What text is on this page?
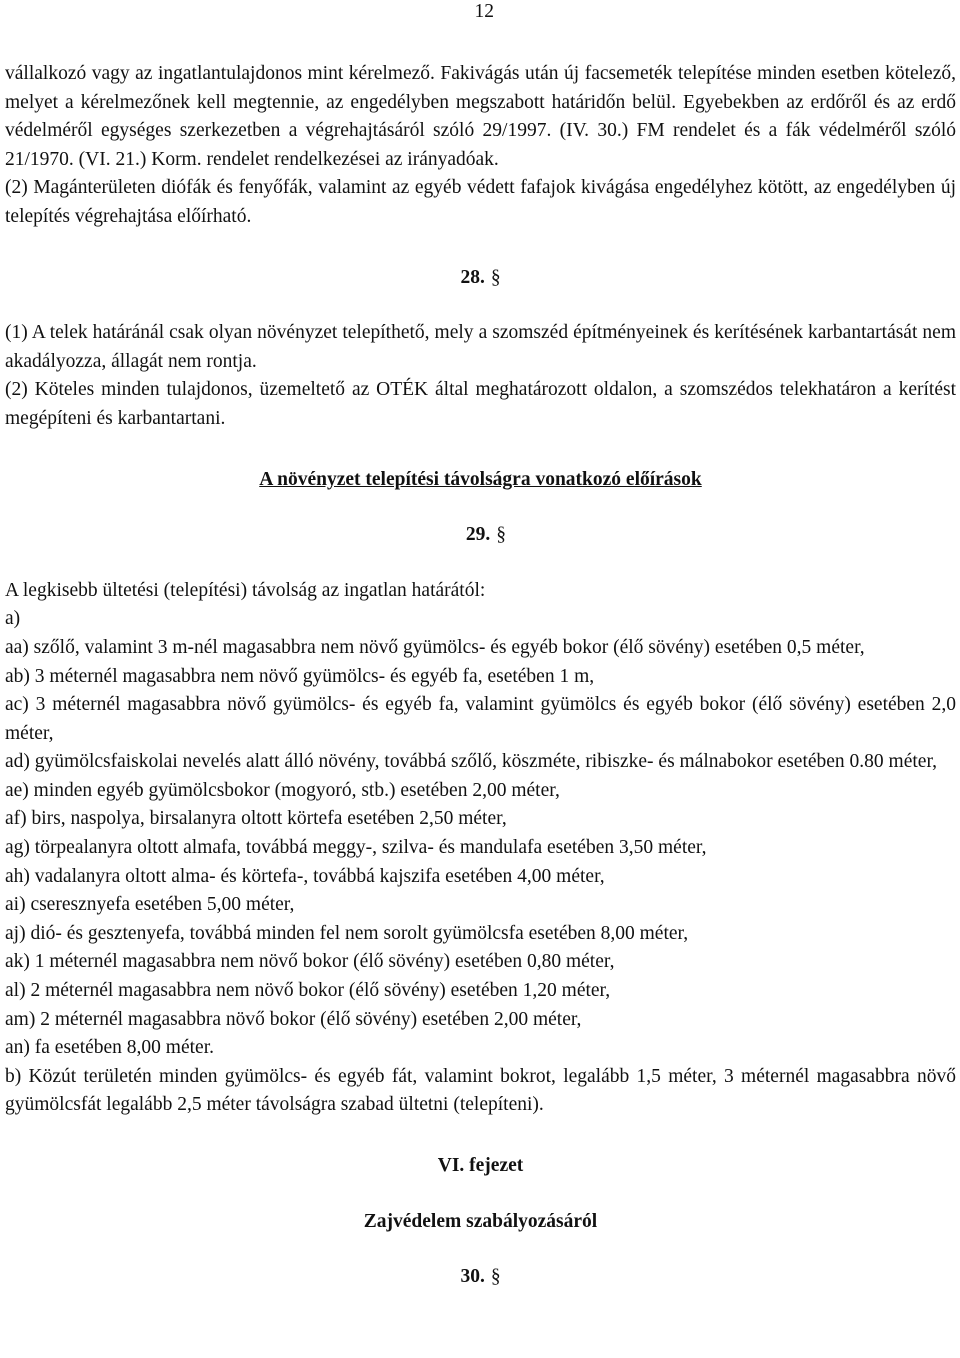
12

vállalkozó vagy az ingatlantulajdonos mint kérelmező. Fakivágás után új facsemeték telepítése minden esetben kötelező, melyet a kérelmezőnek kell megtennie, az engedélyben megszabott határidőn belül. Egyebekben az erdőről és az erdő védelméről egységes szerkezetben a végrehajtásáról szóló 29/1997. (IV. 30.) FM rendelet és a fák védelméről szóló 21/1970. (VI. 21.) Korm. rendelet rendelkezései az irányadóak.

(2) Magánterületen diófák és fenyőfák, valamint az egyéb védett fafajok kivágása engedélyhez kötött, az engedélyben új telepítés végrehajtása előírható.

28. §

(1) A telek határánál csak olyan növényzet telepíthető, mely a szomszéd építményeinek és kerítésének karbantartását nem akadályozza, állagát nem rontja.

(2) Köteles minden tulajdonos, üzemeltető az OTÉK által meghatározott oldalon, a szomszédos telekhatáron a kerítést megépíteni és karbantartani.

A növényzet telepítési távolságra vonatkozó előírások

29. §

A legkisebb ültetési (telepítési) távolság az ingatlan határától:

a)

aa) szőlő, valamint 3 m-nél magasabbra nem növő gyümölcs- és egyéb bokor (élő sövény) esetében 0,5 méter,

ab) 3 méternél magasabbra nem növő gyümölcs- és egyéb fa, esetében 1 m,

ac) 3 méternél magasabbra növő gyümölcs- és egyéb fa, valamint gyümölcs és egyéb bokor (élő sövény) esetében 2,0 méter,

ad) gyümölcsfaiskolai nevelés alatt álló növény, továbbá szőlő, köszméte, ribiszke- és málnabokor esetében 0.80 méter,

ae) minden egyéb gyümölcsbokor (mogyoró, stb.) esetében 2,00 méter,

af) birs, naspolya, birsalanyra oltott körtefa esetében 2,50 méter,

ag) törpealanyra oltott almafa, továbbá meggy-, szilva- és mandulafa esetében 3,50 méter,

ah) vadalanyra oltott alma- és körtefa-, továbbá kajszifa esetében 4,00 méter,

ai) cseresznyefa esetében 5,00 méter,

aj) dió- és gesztenyefa, továbbá minden fel nem sorolt gyümölcsfa esetében 8,00 méter,

ak) 1 méternél magasabbra nem növő bokor (élő sövény) esetében 0,80 méter,

al) 2 méternél magasabbra nem növő bokor (élő sövény) esetében 1,20 méter,

am) 2 méternél magasabbra növő bokor (élő sövény) esetében 2,00 méter,

an) fa esetében 8,00 méter.

b) Közút területén minden gyümölcs- és egyéb fát, valamint bokrot, legalább 1,5 méter, 3 méternél magasabbra növő gyümölcsfát legalább 2,5 méter távolságra szabad ültetni (telepíteni).

VI. fejezet

Zajvédelem szabályozásáról

30. §
